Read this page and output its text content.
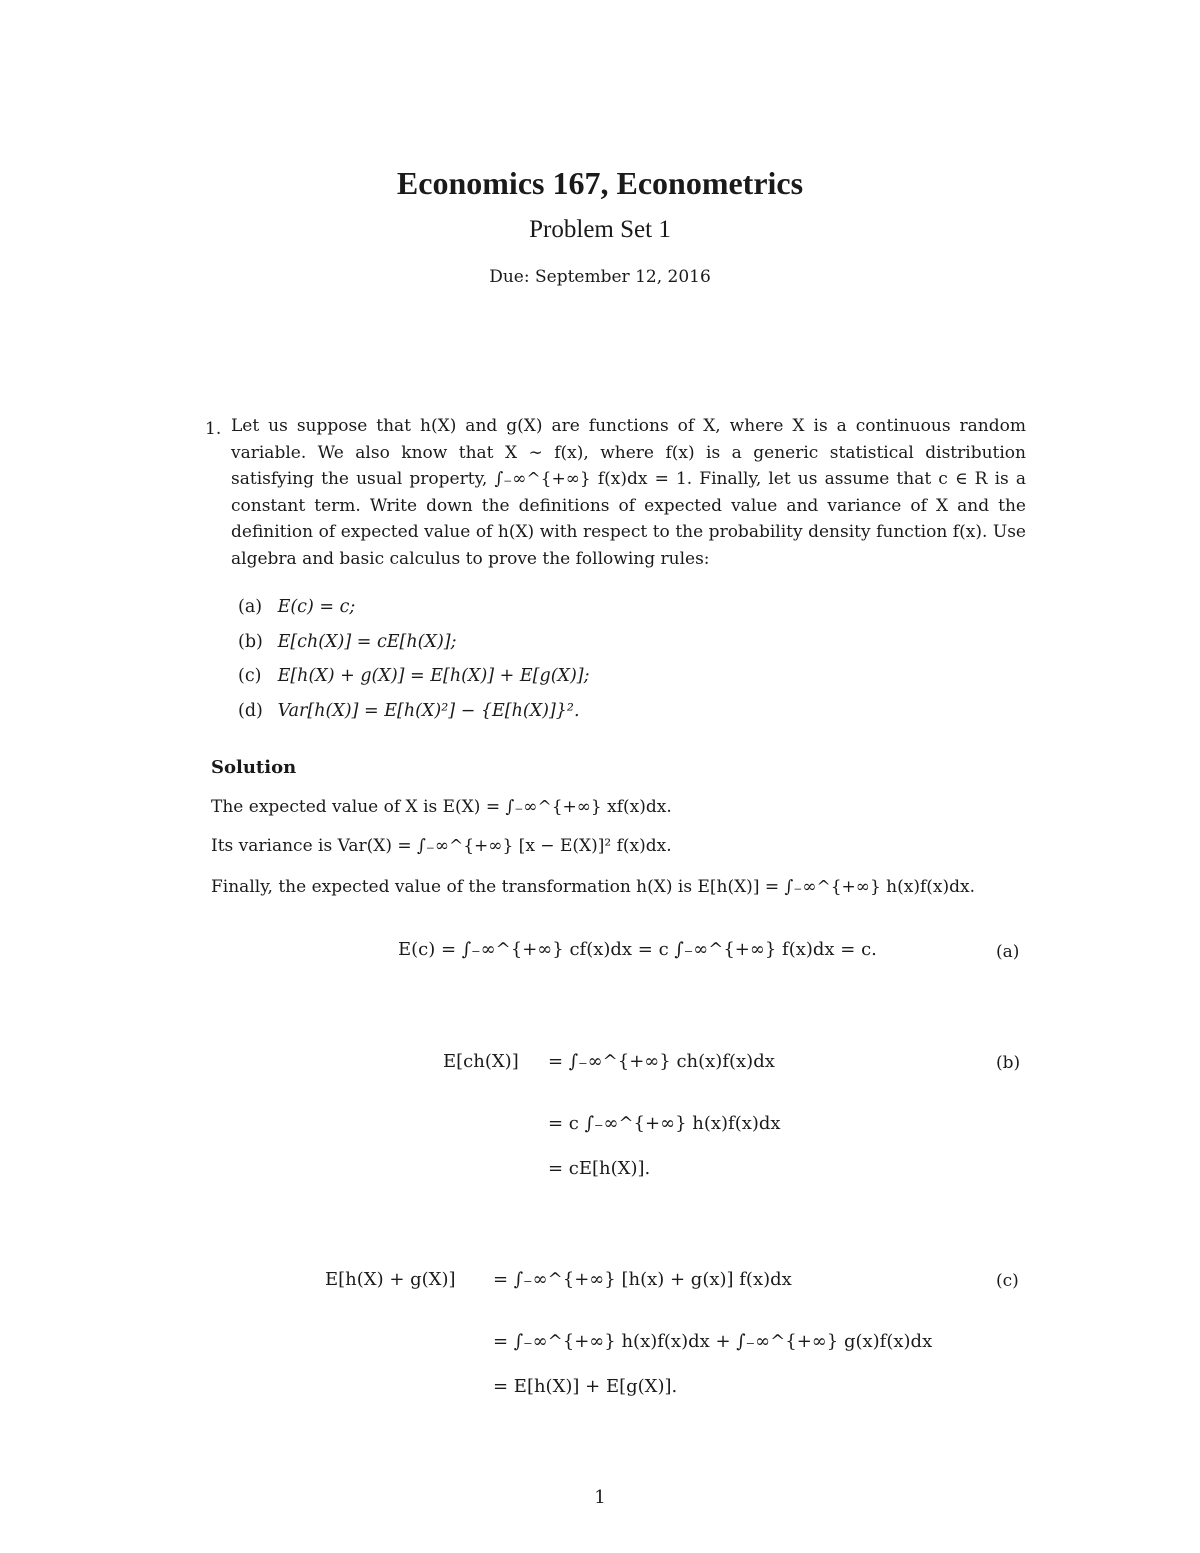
Economics 167, Econometrics
Problem Set 1
Due: September 12, 2016
1. Let us suppose that h(X) and g(X) are functions of X, where X is a continuous random variable. We also know that X ∼ f(x), where f(x) is a generic statistical distribution satisfying the usual property, ∫₋∞^{+∞} f(x)dx = 1. Finally, let us assume that c ∈ R is a constant term. Write down the definitions of expected value and variance of X and the definition of expected value of h(X) with respect to the probability density function f(x). Use algebra and basic calculus to prove the following rules:
(a) E(c) = c;
(b) E[ch(X)] = cE[h(X)];
(c) E[h(X) + g(X)] = E[h(X)] + E[g(X)];
(d) Var[h(X)] = E[h(X)²] − {E[h(X)]}².
Solution
The expected value of X is E(X) = ∫₋∞^{+∞} xf(x)dx.
Its variance is Var(X) = ∫₋∞^{+∞} [x − E(X)]² f(x)dx.
Finally, the expected value of the transformation h(X) is E[h(X)] = ∫₋∞^{+∞} h(x)f(x)dx.
E(c) = ∫₋∞^{+∞} cf(x)dx = c ∫₋∞^{+∞} f(x)dx = c.	(a)
E[ch(X)] = ∫₋∞^{+∞} ch(x)f(x)dx
= c ∫₋∞^{+∞} h(x)f(x)dx
= cE[h(X)].
(b)
E[h(X) + g(X)] = ∫₋∞^{+∞} [h(x) + g(x)] f(x)dx
= ∫₋∞^{+∞} h(x)f(x)dx + ∫₋∞^{+∞} g(x)f(x)dx
= E[h(X)] + E[g(X)].
(c)
1
